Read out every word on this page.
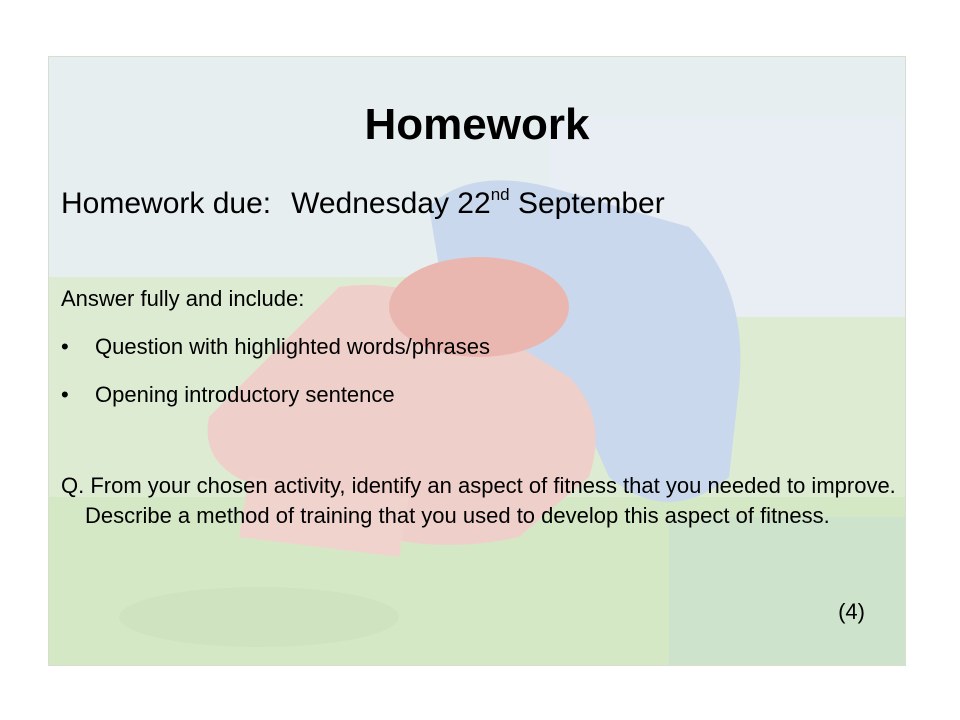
Homework
Homework due: Wednesday 22nd September
Answer fully and include:
• Question with highlighted words/phrases
• Opening introductory sentence
Q. From your chosen activity, identify an aspect of fitness that you needed to improve. Describe a method of training that you used to develop this aspect of fitness.
(4)
